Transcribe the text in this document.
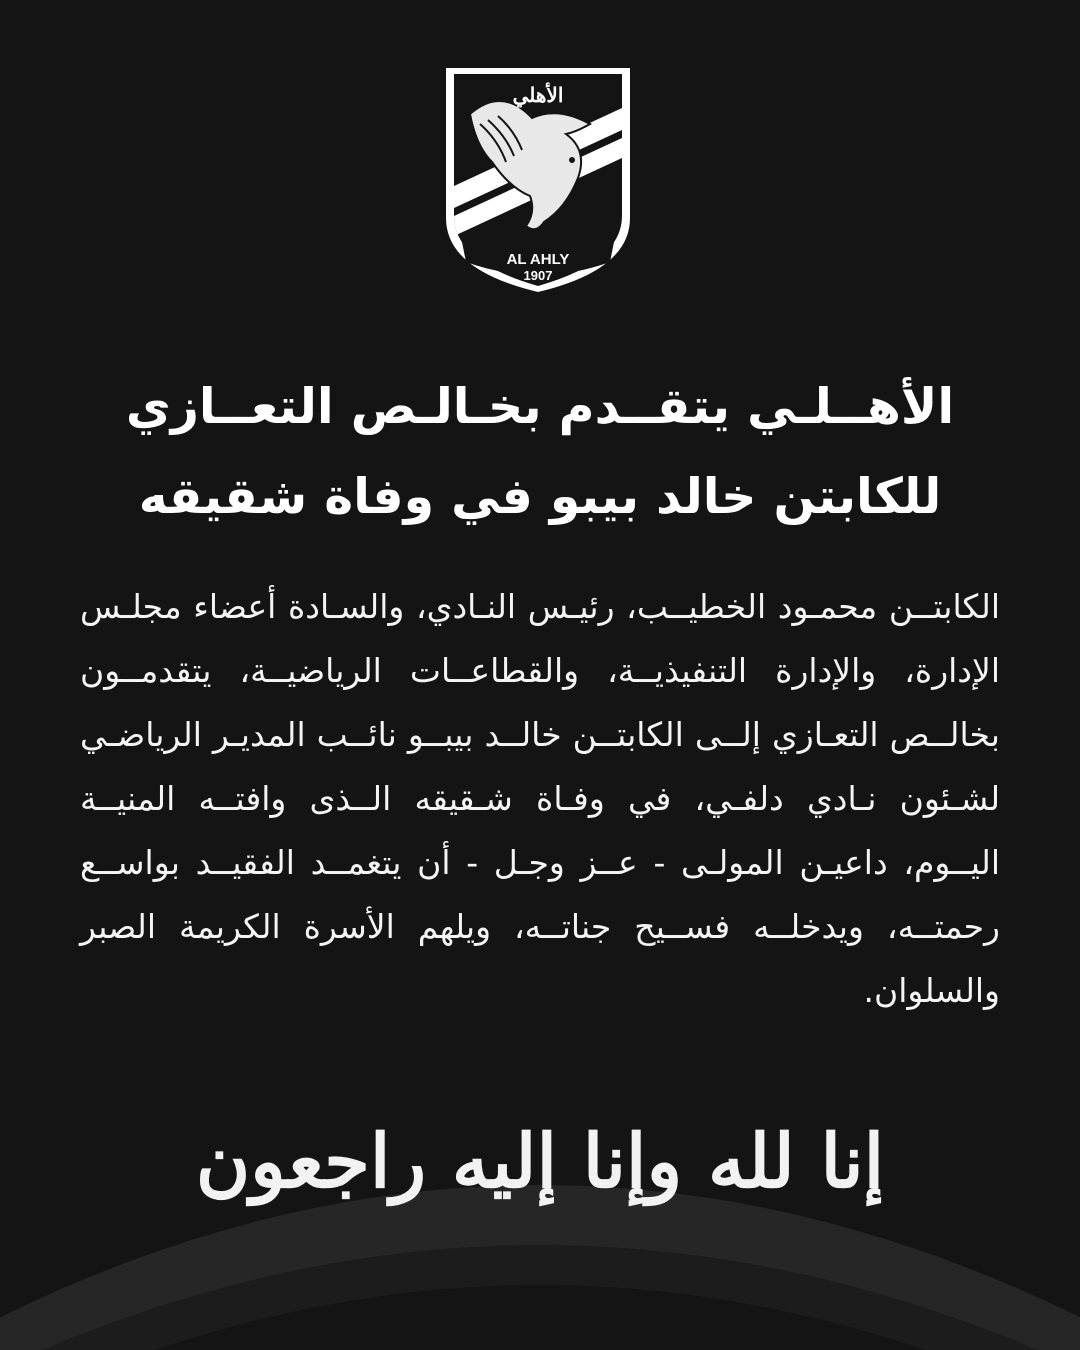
الأهلي
AL AHLY
1907
الأهــلـي يتقــدم بخـالـص التعــازي
للكابتن خالد بيبو في وفاة شقيقه

الكابتــن محمـود الخطيــب، رئيـس النـادي، والسـادة أعضاء مجلـس الإدارة، والإدارة التنفيذيــة، والقطاعــات الرياضيــة، يتقدمــون بخالــص التعـازي إلــى الكابتــن خالــد بيبــو نائــب المديـر الرياضـي لشـئون نـادي دلفـي، في وفـاة شـقيقه الــذى وافتــه المنيــة اليــوم، داعيـن المولـى - عــز وجـل - أن يتغمــد الفقيــد بواســع رحمتــه، ويدخلــه فســيح جناتــه، ويلهم الأسرة الكريمة الصبر والسلوان.

إنا لله وإنا إليه راجعون
